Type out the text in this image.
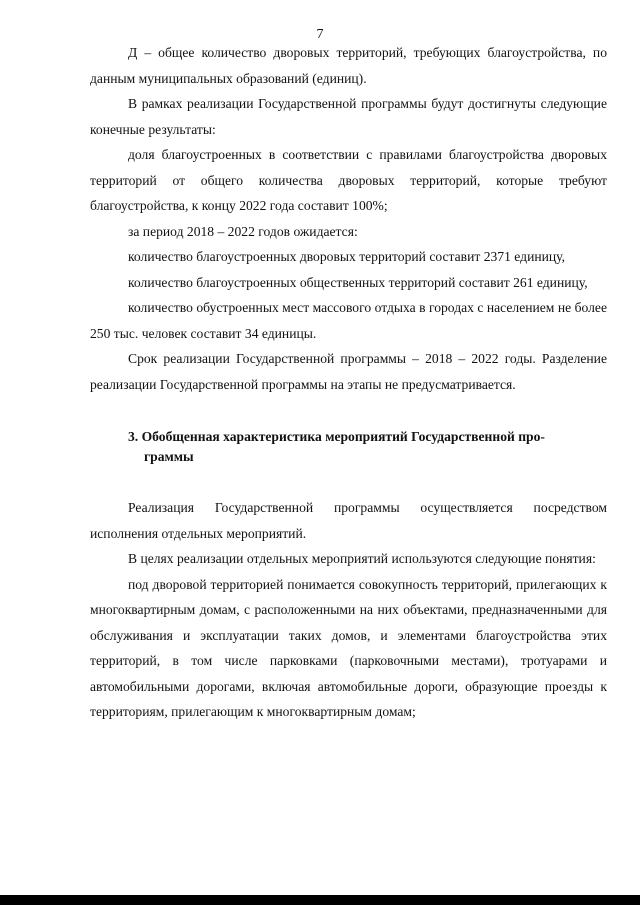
7

Д – общее количество дворовых территорий, требующих благоустройства, по данным муниципальных образований (единиц).

В рамках реализации Государственной программы будут достигнуты следующие конечные результаты:

доля благоустроенных в соответствии с правилами благоустройства дворовых территорий от общего количества дворовых территорий, которые требуют благоустройства, к концу 2022 года составит 100%;

за период 2018 – 2022 годов ожидается:

количество благоустроенных дворовых территорий составит 2371 единицу,

количество благоустроенных общественных территорий составит 261 единицу,

количество обустроенных мест массового отдыха в городах с населением не более 250 тыс. человек составит 34 единицы.

Срок реализации Государственной программы – 2018 – 2022 годы. Разделение реализации Государственной программы на этапы не предусматривается.

3. Обобщенная характеристика мероприятий Государственной про-
граммы

Реализация Государственной программы осуществляется посредством исполнения отдельных мероприятий.

В целях реализации отдельных мероприятий используются следующие понятия:

под дворовой территорией понимается совокупность территорий, прилегающих к многоквартирным домам, с расположенными на них объектами, предназначенными для обслуживания и эксплуатации таких домов, и элементами благоустройства этих территорий, в том числе парковками (парковочными местами), тротуарами и автомобильными дорогами, включая автомобильные дороги, образующие проезды к территориям, прилегающим к многоквартирным домам;
